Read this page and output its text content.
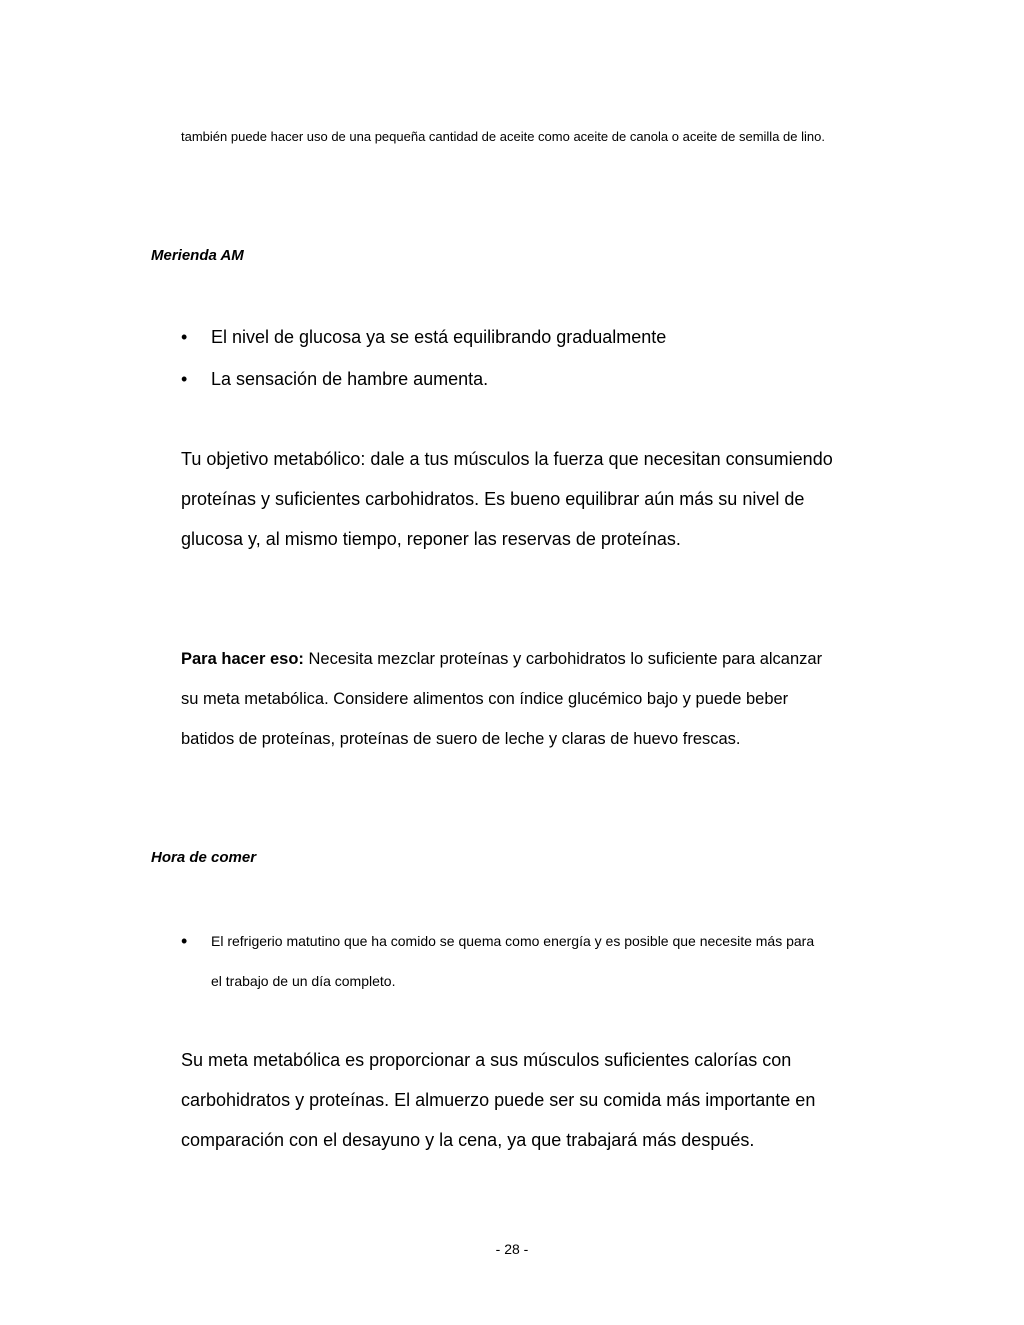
también puede hacer uso de una pequeña cantidad de aceite como aceite de canola o aceite de semilla de lino.

Merienda AM

• El nivel de glucosa ya se está equilibrando gradualmente
• La sensación de hambre aumenta.
Tu objetivo metabólico: dale a tus músculos la fuerza que necesitan consumiendo
proteínas y suficientes carbohidratos. Es bueno equilibrar aún más su nivel de
glucosa y, al mismo tiempo, reponer las reservas de proteínas.
Para hacer eso: Necesita mezclar proteínas y carbohidratos lo suficiente para alcanzar
su meta metabólica. Considere alimentos con índice glucémico bajo y puede beber
batidos de proteínas, proteínas de suero de leche y claras de huevo frescas.

Hora de comer

• El refrigerio matutino que ha comido se quema como energía y es posible que necesite más para
el trabajo de un día completo.
Su meta metabólica es proporcionar a sus músculos suficientes calorías con
carbohidratos y proteínas. El almuerzo puede ser su comida más importante en
comparación con el desayuno y la cena, ya que trabajará más después.

- 28 -
